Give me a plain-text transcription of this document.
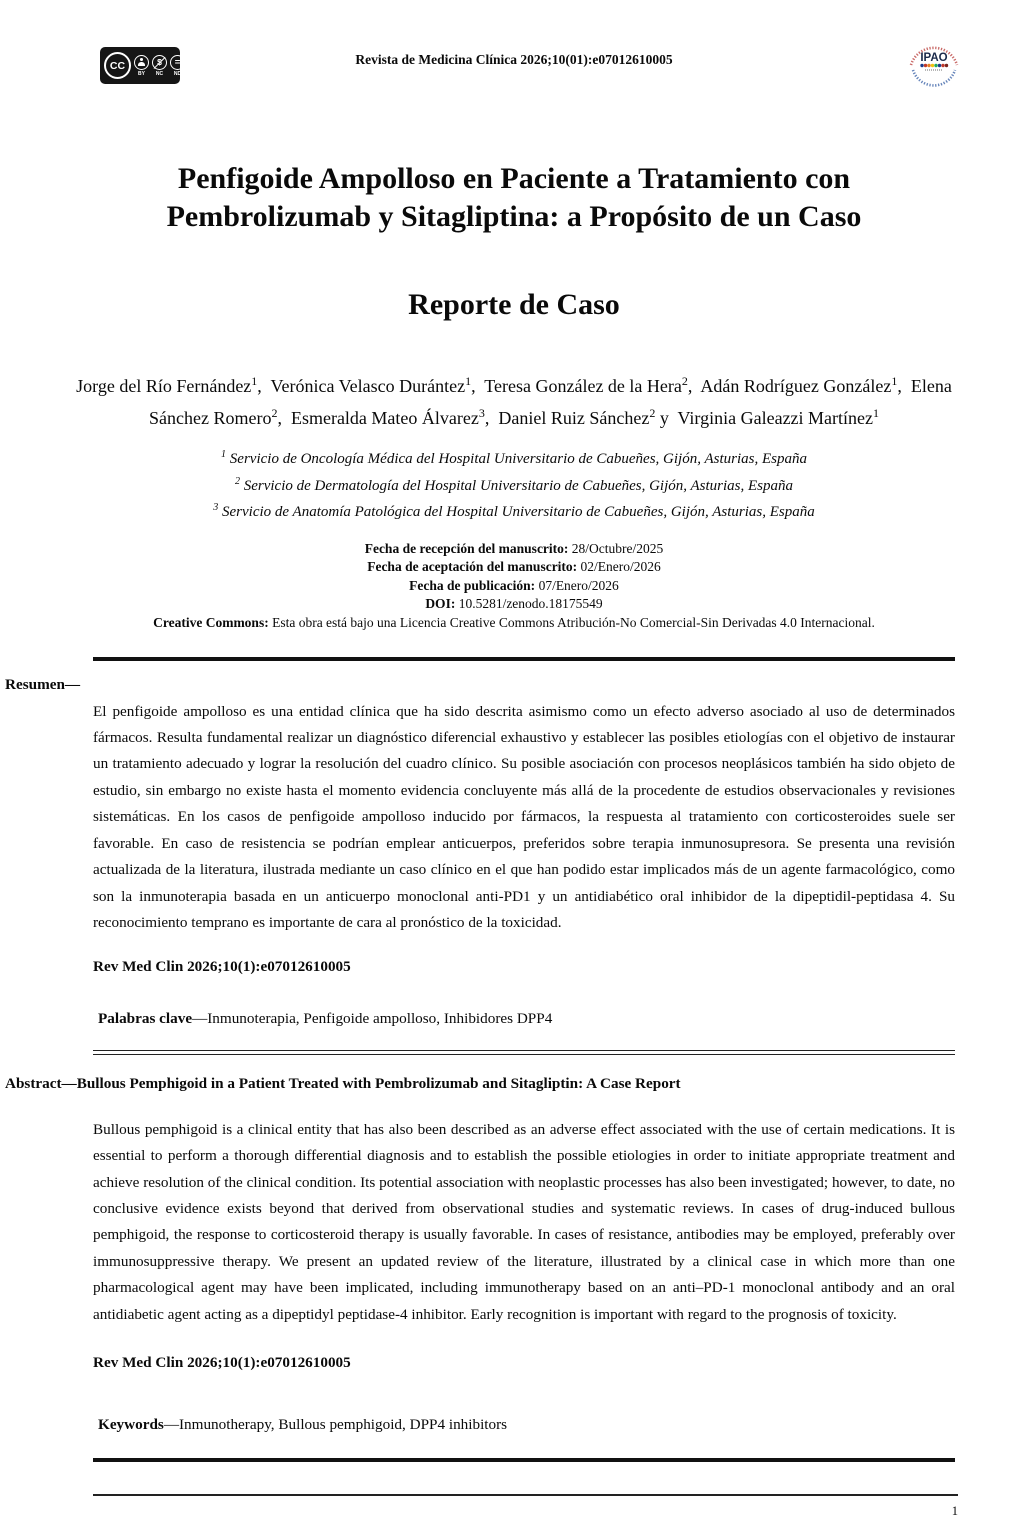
CC
BY NC
=
ND
Revista de Medicina Clínica 2026;10(01):e07012610005	IPAO
Penfigoide Ampolloso en Paciente a Tratamiento con Pembrolizumab y Sitagliptina: a Propósito de un Caso
Reporte de Caso
Jorge del Río Fernández$^1$,  Verónica Velasco Durántez$^1$,  Teresa González de la Hera$^2$,  Adán Rodríguez González$^1$,  Elena Sánchez Romero$^2$,  Esmeralda Mateo Álvarez$^3$,  Daniel Ruiz Sánchez$^2$ y  Virginia Galeazzi Martínez$^1$
$^1$ Servicio de Oncología Médica del Hospital Universitario de Cabueñes, Gijón, Asturias, España
$^2$ Servicio de Dermatología del Hospital Universitario de Cabueñes, Gijón, Asturias, España
$^3$ Servicio de Anatomía Patológica del Hospital Universitario de Cabueñes, Gijón, Asturias, España
Fecha de recepción del manuscrito: 28/Octubre/2025
Fecha de aceptación del manuscrito: 02/Enero/2026
Fecha de publicación: 07/Enero/2026
DOI: 10.5281/zenodo.18175549
Creative Commons: Esta obra está bajo una Licencia Creative Commons Atribución-No Comercial-Sin Derivadas 4.0 Internacional.
Resumen—
El penfigoide ampolloso es una entidad clínica que ha sido descrita asimismo como un efecto adverso asociado al uso de determinados fármacos. Resulta fundamental realizar un diagnóstico diferencial exhaustivo y establecer las posibles etiologías con el objetivo de instaurar un tratamiento adecuado y lograr la resolución del cuadro clínico. Su posible asociación con procesos neoplásicos también ha sido objeto de estudio, sin embargo no existe hasta el momento evidencia concluyente más allá de la procedente de estudios observacionales y revisiones sistemáticas. En los casos de penfigoide ampolloso inducido por fármacos, la respuesta al tratamiento con corticosteroides suele ser favorable. En caso de resistencia se podrían emplear anticuerpos, preferidos sobre terapia inmunosupresora. Se presenta una revisión actualizada de la literatura, ilustrada mediante un caso clínico en el que han podido estar implicados más de un agente farmacológico, como son la inmunoterapia basada en un anticuerpo monoclonal anti-PD1 y un antidiabético oral inhibidor de la dipeptidil-peptidasa 4. Su reconocimiento temprano es importante de cara al pronóstico de la toxicidad.
Rev Med Clin 2026;10(1):e07012610005
Palabras clave—Inmunoterapia, Penfigoide ampolloso, Inhibidores DPP4
Abstract—Bullous Pemphigoid in a Patient Treated with Pembrolizumab and Sitagliptin: A Case Report
Bullous pemphigoid is a clinical entity that has also been described as an adverse effect associated with the use of certain medications. It is essential to perform a thorough differential diagnosis and to establish the possible etiologies in order to initiate appropriate treatment and achieve resolution of the clinical condition. Its potential association with neoplastic processes has also been investigated; however, to date, no conclusive evidence exists beyond that derived from observational studies and systematic reviews. In cases of drug-induced bullous pemphigoid, the response to corticosteroid therapy is usually favorable. In cases of resistance, antibodies may be employed, preferably over immunosuppressive therapy. We present an updated review of the literature, illustrated by a clinical case in which more than one pharmacological agent may have been implicated, including immunotherapy based on an anti–PD-1 monoclonal antibody and an oral antidiabetic agent acting as a dipeptidyl peptidase-4 inhibitor. Early recognition is important with regard to the prognosis of toxicity.
Rev Med Clin 2026;10(1):e07012610005
Keywords—Inmunotherapy, Bullous pemphigoid, DPP4 inhibitors
1
